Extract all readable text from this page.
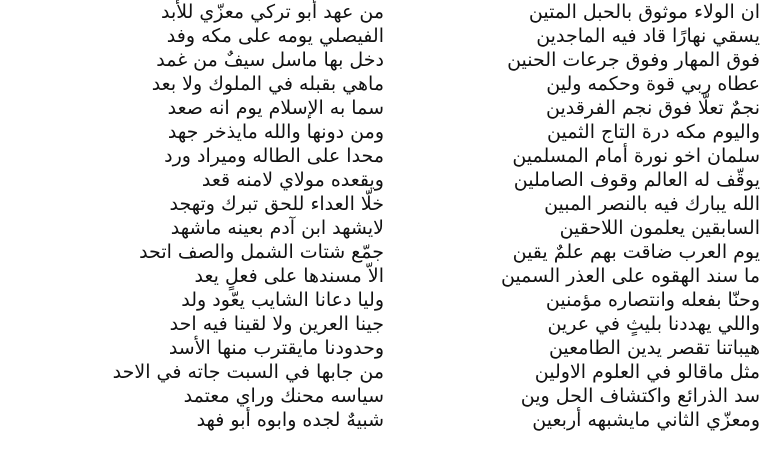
ان الولاء موثوق بالحبل المتين

يسقي نهارًا قاد فيه الماجدين

فوق المهار وفوق جرعات الحنين

عطاه ربي قوة وحكمه ولين

نجمٌ تعلّا فوق نجم الفرقدين

واليوم مكه درة التاج الثمين

سلمان اخو نورة أمام المسلمين

يوقّف له العالم وقوف الصاملين

الله يبارك فيه بالنصر المبين

السابقين يعلمون اللاحقين

يوم العرب ضاقت بهم علمٌ يقين

ما سند الهقوه على العذر السمين

وحنّا بفعله وانتصاره مؤمنين

واللي يهددنا بليثٍ في عرين

هيباتنا تقصر يدين الطامعين

مثل ماقالو في العلوم الاولين

سد الذرائع واكتشاف الحل وين

ومعزّي الثاني مايشبهه أربعين

من عهد أبو تركي معزّي للأبد

الفيصلي يومه على مكه وفد

دخل بها ماسل سيفٌ من غمد

ماهي بقبله في الملوك ولا بعد

سما به الإسلام يوم انه صعد

ومن دونها والله مايذخر جهد

محدا على الطاله وميراد ورد

ويقعده مولاي لامنه قعد

خلّا العداء للحق تبرك وتهجد

لايشهد ابن آدم بعينه ماشهد

جمّع شتات الشمل والصف اتحد

الاّ مسندها على فعلٍ يعد

وليا دعانا الشايب يعّود ولد

جينا العرين ولا لقينا فيه احد

وحدودنا مايقترب منها الأسد

من جابها في السبت جاته في الاحد

سياسه محنك وراي معتمد

شبيهٌ لجده وابوه أبو فهد
